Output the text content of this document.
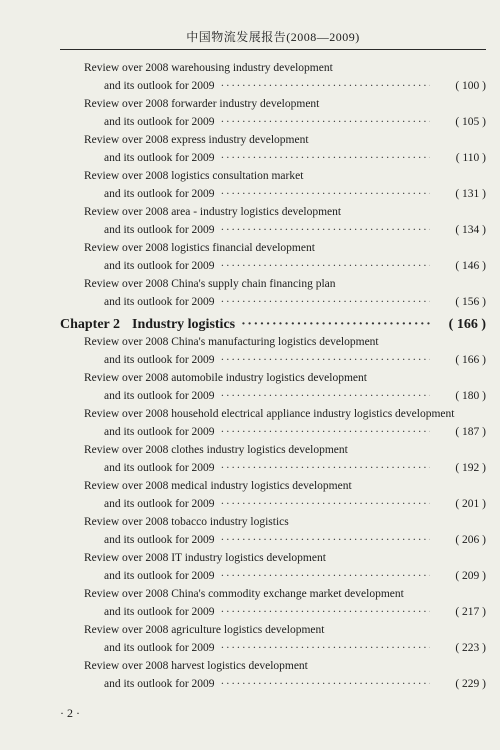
中国物流发展报告(2008—2009)
Review over 2008 warehousing industry development
and its outlook for 2009 ·····	( 100 )
Review over 2008 forwarder industry development
and its outlook for 2009 ·····	( 105 )
Review over 2008 express industry development
and its outlook for 2009 ·····	( 110 )
Review over 2008 logistics consultation market
and its outlook for 2009 ·····	( 131 )
Review over 2008 area - industry logistics development
and its outlook for 2009 ·····	( 134 )
Review over 2008 logistics financial development
and its outlook for 2009 ·····	( 146 )
Review over 2008 China's supply chain financing plan
and its outlook for 2009 ·····	( 156 )
Chapter 2 Industry logistics ·····	( 166 )
Review over 2008 China's manufacturing logistics development
and its outlook for 2009 ·····	( 166 )
Review over 2008 automobile industry logistics development
and its outlook for 2009 ·····	( 180 )
Review over 2008 household electrical appliance industry logistics development
and its outlook for 2009 ·····	( 187 )
Review over 2008 clothes industry logistics development
and its outlook for 2009 ·····	( 192 )
Review over 2008 medical industry logistics development
and its outlook for 2009 ·····	( 201 )
Review over 2008 tobacco industry logistics
and its outlook for 2009 ·····	( 206 )
Review over 2008 IT industry logistics development
and its outlook for 2009 ·····	( 209 )
Review over 2008 China's commodity exchange market development
and its outlook for 2009 ·····	( 217 )
Review over 2008 agriculture logistics development
and its outlook for 2009 ·····	( 223 )
Review over 2008 harvest logistics development
and its outlook for 2009 ·····	( 229 )
· 2 ·
